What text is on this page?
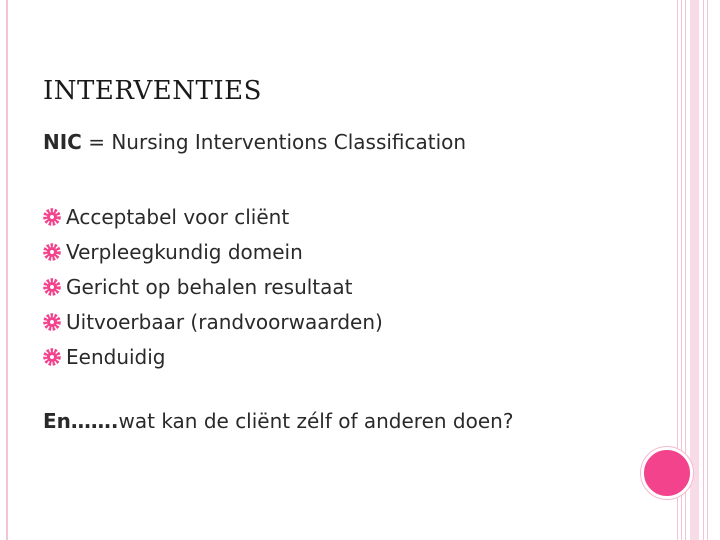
INTERVENTIES

NIC = Nursing Interventions Classification

Acceptabel voor cliënt
Verpleegkundig domein
Gericht op behalen resultaat
Uitvoerbaar (randvoorwaarden)
Eenduidig

En…….wat kan de cliënt zélf of anderen doen?
